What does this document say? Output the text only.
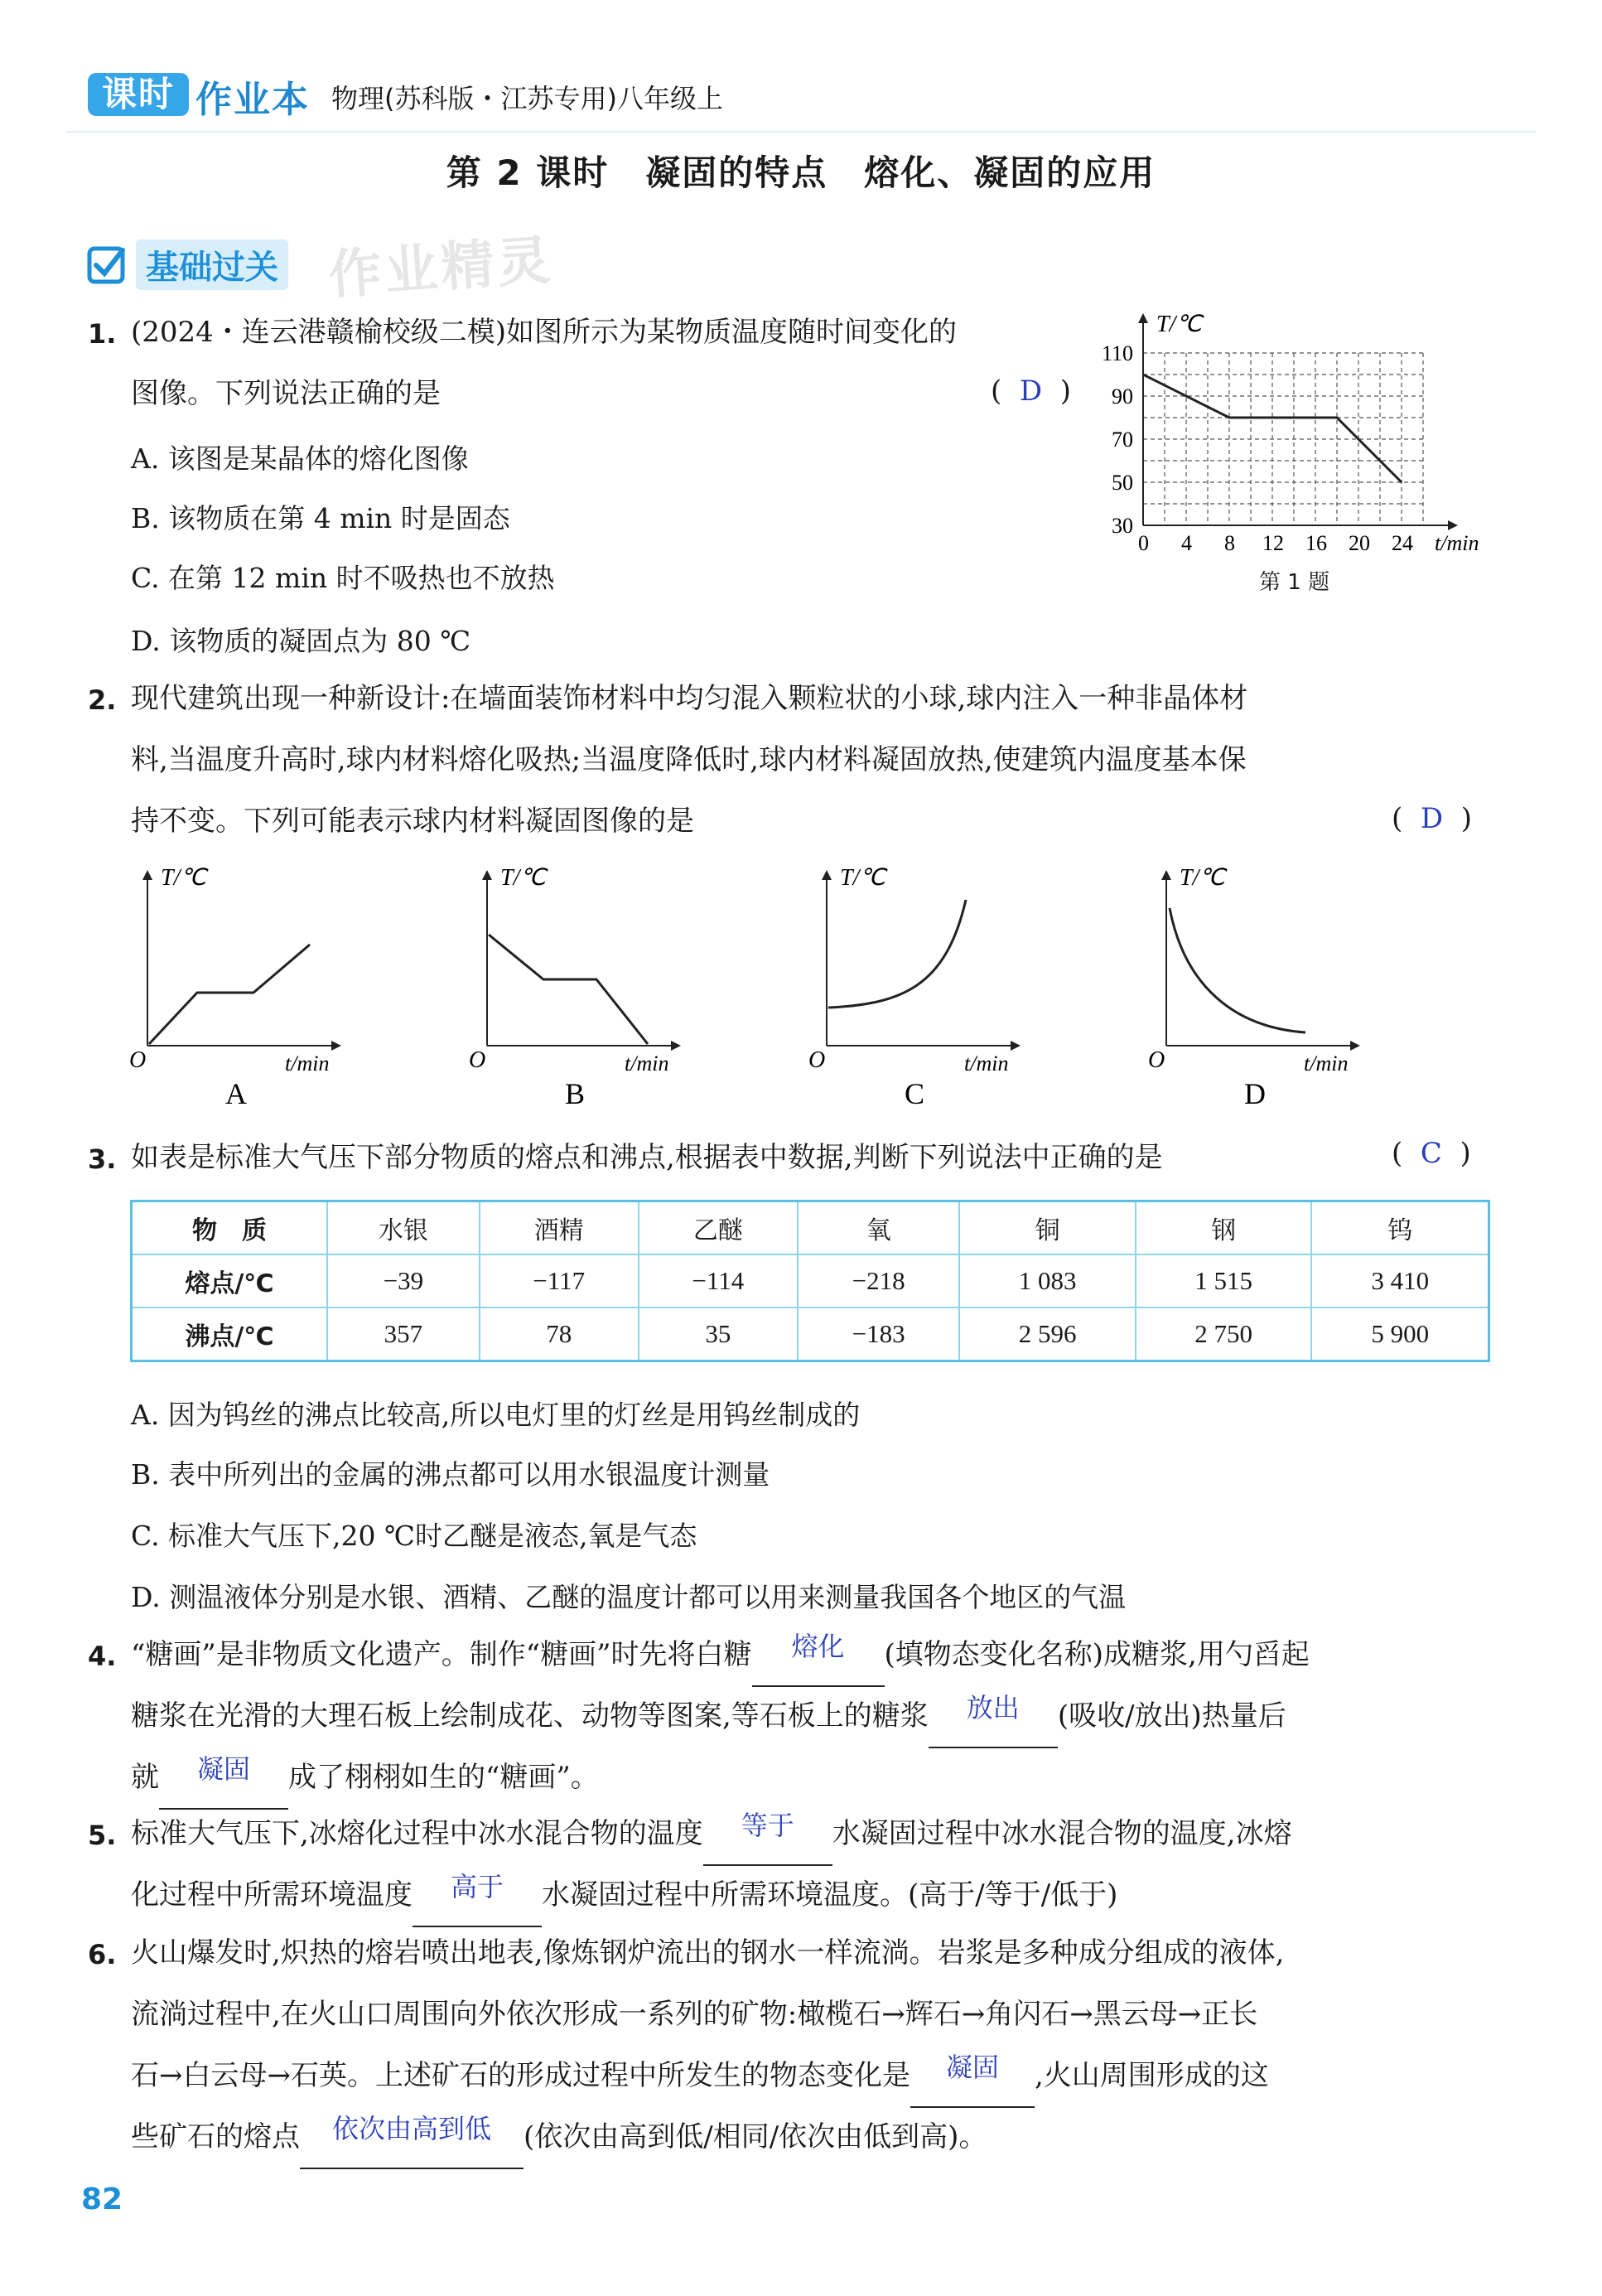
课时 作业本 物理(苏科版・江苏专用)八年级上
第 2 课时　凝固的特点　熔化、凝固的应用
基础过关 作业精灵
1. (2024・连云港赣榆校级二模)如图所示为某物质温度随时间变化的
图像。下列说法正确的是	(  D  )
A. 该图是某晶体的熔化图像
B. 该物质在第 4 min 时是固态
C. 在第 12 min 时不吸热也不放热
D. 该物质的凝固点为 80 ℃
T/℃
t/min
0 4 8 12 16 20 24
30
50
70
90
110
第 1 题
2. 现代建筑出现一种新设计:在墙面装饰材料中均匀混入颗粒状的小球,球内注入一种非晶体材
料,当温度升高时,球内材料熔化吸热;当温度降低时,球内材料凝固放热,使建筑内温度基本保
持不变。下列可能表示球内材料凝固图像的是	(  D  )
T/℃
t/min
O
A
T/℃
t/min
O
B
T/℃
t/min
O
C
T/℃
t/min
O
D
3. 如表是标准大气压下部分物质的熔点和沸点,根据表中数据,判断下列说法中正确的是	(  C  )
物　质	水银	酒精	乙醚	氧	铜	钢	钨
熔点/℃	−39	−117	−114	−218	1 083	1 515	3 410
沸点/℃	357	78	35	−183	2 596	2 750	5 900
A. 因为钨丝的沸点比较高,所以电灯里的灯丝是用钨丝制成的
B. 表中所列出的金属的沸点都可以用水银温度计测量
C. 标准大气压下,20 ℃时乙醚是液态,氧是气态
D. 测温液体分别是水银、酒精、乙醚的温度计都可以用来测量我国各个地区的气温
4. “糖画”是非物质文化遗产。制作“糖画”时先将白糖 熔化 (填物态变化名称)成糖浆,用勺舀起
糖浆在光滑的大理石板上绘制成花、动物等图案,等石板上的糖浆 放出 (吸收/放出)热量后
就 凝固 成了栩栩如生的“糖画”。
5. 标准大气压下,冰熔化过程中冰水混合物的温度 等于 水凝固过程中冰水混合物的温度,冰熔
化过程中所需环境温度 高于 水凝固过程中所需环境温度。(高于/等于/低于)
6. 火山爆发时,炽热的熔岩喷出地表,像炼钢炉流出的钢水一样流淌。岩浆是多种成分组成的液体,
流淌过程中,在火山口周围向外依次形成一系列的矿物:橄榄石→辉石→角闪石→黑云母→正长
石→白云母→石英。上述矿石的形成过程中所发生的物态变化是 凝固 ,火山周围形成的这
些矿石的熔点 依次由高到低 (依次由高到低/相同/依次由低到高)。
82
